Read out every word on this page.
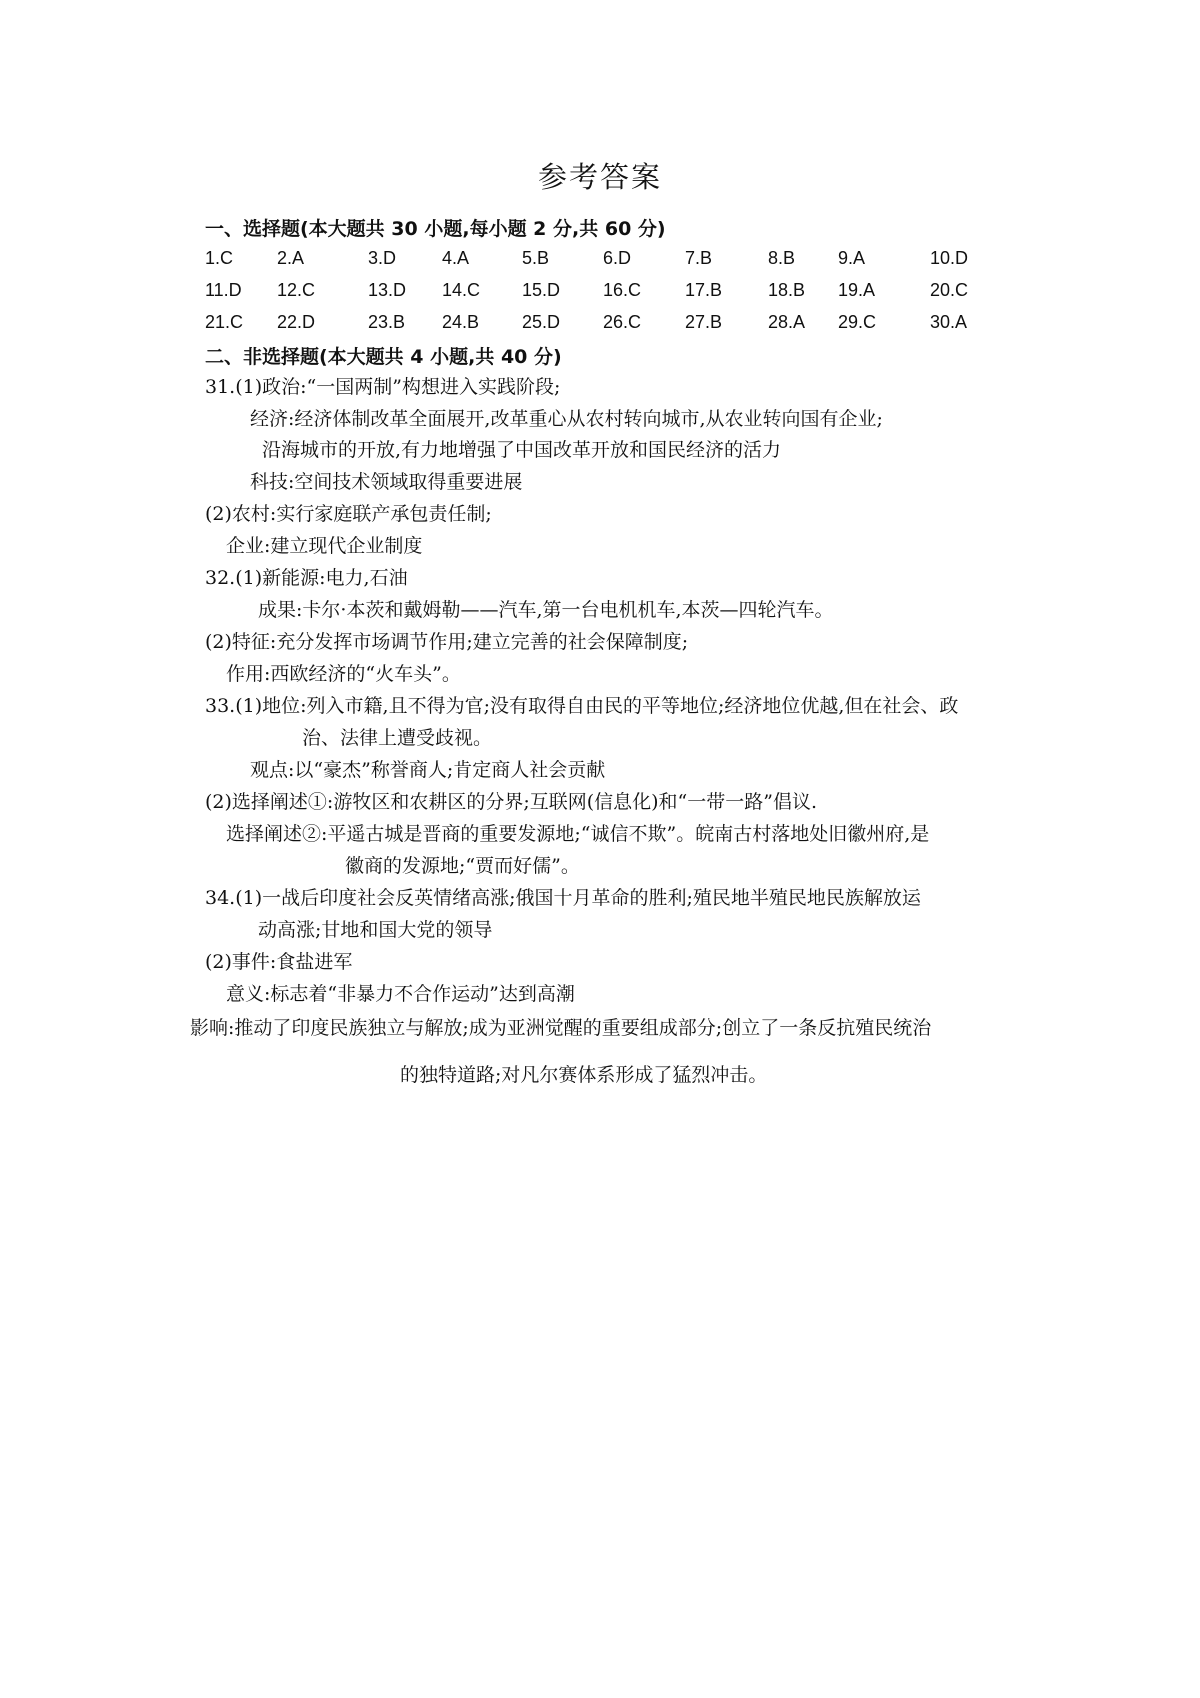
参考答案
一、选择题(本大题共 30 小题,每小题 2 分,共 60 分)
1.C 2.A	3.D	4.A	5.B	6.D	7.B	8.B 9.A	10.D
11.D 12.C	13.D 14.C 15.D 16.C 17.B	18.B 19.A	20.C
21.C 22.D	23.B 24.B 25.D 26.C 27.B	28.A 29.C	30.A
二、非选择题(本大题共 4 小题,共 40 分)
31.(1)政治:“一国两制”构想进入实践阶段;
经济:经济体制改革全面展开,改革重心从农村转向城市,从农业转向国有企业;
沿海城市的开放,有力地增强了中国改革开放和国民经济的活力
科技:空间技术领域取得重要进展
(2)农村:实行家庭联产承包责任制;
企业:建立现代企业制度
32.(1)新能源:电力,石油
成果:卡尔·本茨和戴姆勒——汽车,第一台电机机车,本茨—四轮汽车。
(2)特征:充分发挥市场调节作用;建立完善的社会保障制度;
作用:西欧经济的“火车头”。
33.(1)地位:列入市籍,且不得为官;没有取得自由民的平等地位;经济地位优越,但在社会、政
治、法律上遭受歧视。
观点:以“豪杰”称誉商人;肯定商人社会贡献
(2)选择阐述①:游牧区和农耕区的分界;互联网(信息化)和“一带一路”倡议.
选择阐述②:平遥古城是晋商的重要发源地;“诚信不欺”。皖南古村落地处旧徽州府,是
徽商的发源地;“贾而好儒”。
34.(1)一战后印度社会反英情绪高涨;俄国十月革命的胜利;殖民地半殖民地民族解放运
动高涨;甘地和国大党的领导
(2)事件:食盐进军
意义:标志着“非暴力不合作运动”达到高潮
影响:推动了印度民族独立与解放;成为亚洲觉醒的重要组成部分;创立了一条反抗殖民统治
的独特道路;对凡尔赛体系形成了猛烈冲击。
